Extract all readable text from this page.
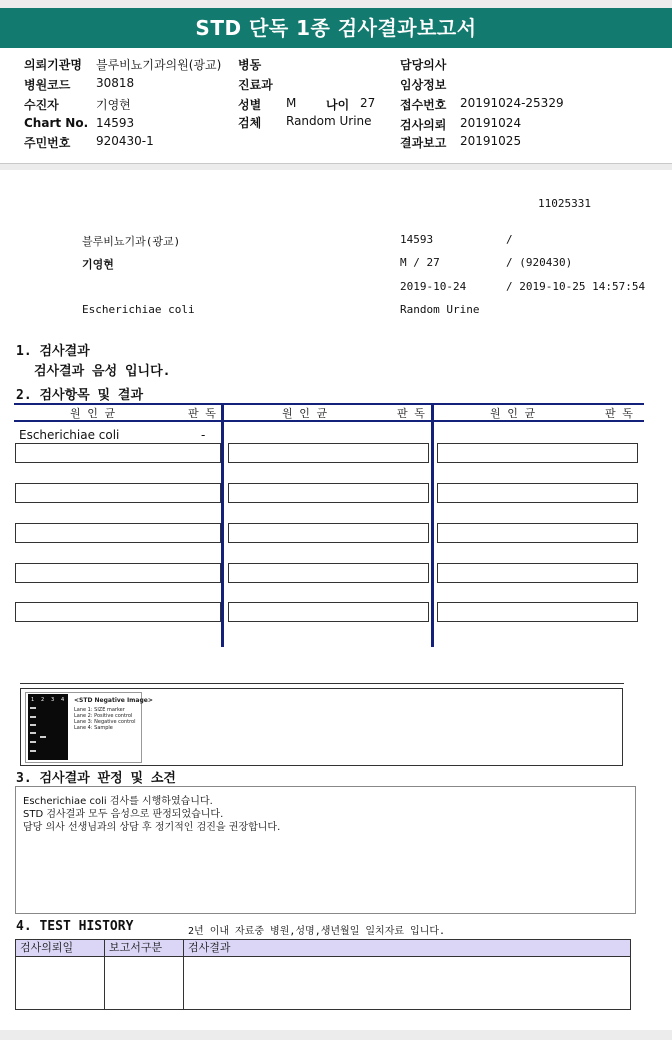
STD 단독 1종 검사결과보고서
의뢰기관명 블루비뇨기과의원(광교)
병원코드 30818
수진자	기영현
Chart No. 14593
주민번호 920430-1
병동
진료과
성별 M 나이 27
검체 Random Urine
담당의사
임상정보
접수번호 20191024-25329
검사의뢰 20191024
결과보고 20191025
11025331
블루비뇨기과(광교)	14593	/
기영현	M / 27	/ (920430)
2019-10-24	/ 2019-10-25 14:57:54
Escherichiae coli	Random Urine
1. 검사결과
검사결과 음성 입니다.
2. 검사항목 및 결과
원 인 균	판 독	원 인 균	판 독	원 인 균	판 독
Escherichiae coli	-
1 2 3 4 <STD Negative Image>
Lane 1: SIZE marker
Lane 2: Positive control
Lane 3: Negative control
Lane 4: Sample
3. 검사결과 판정 및 소견
Escherichiae coli 검사를 시행하였습니다.
STD 검사결과 모두 음성으로 판정되었습니다.
담당 의사 선생님과의 상담 후 정기적인 검진을 권장합니다.
4. TEST HISTORY	2년 이내 자료중 병원,성명,생년월일 일치자료 입니다.
검사의뢰일	보고서구분	검사결과
